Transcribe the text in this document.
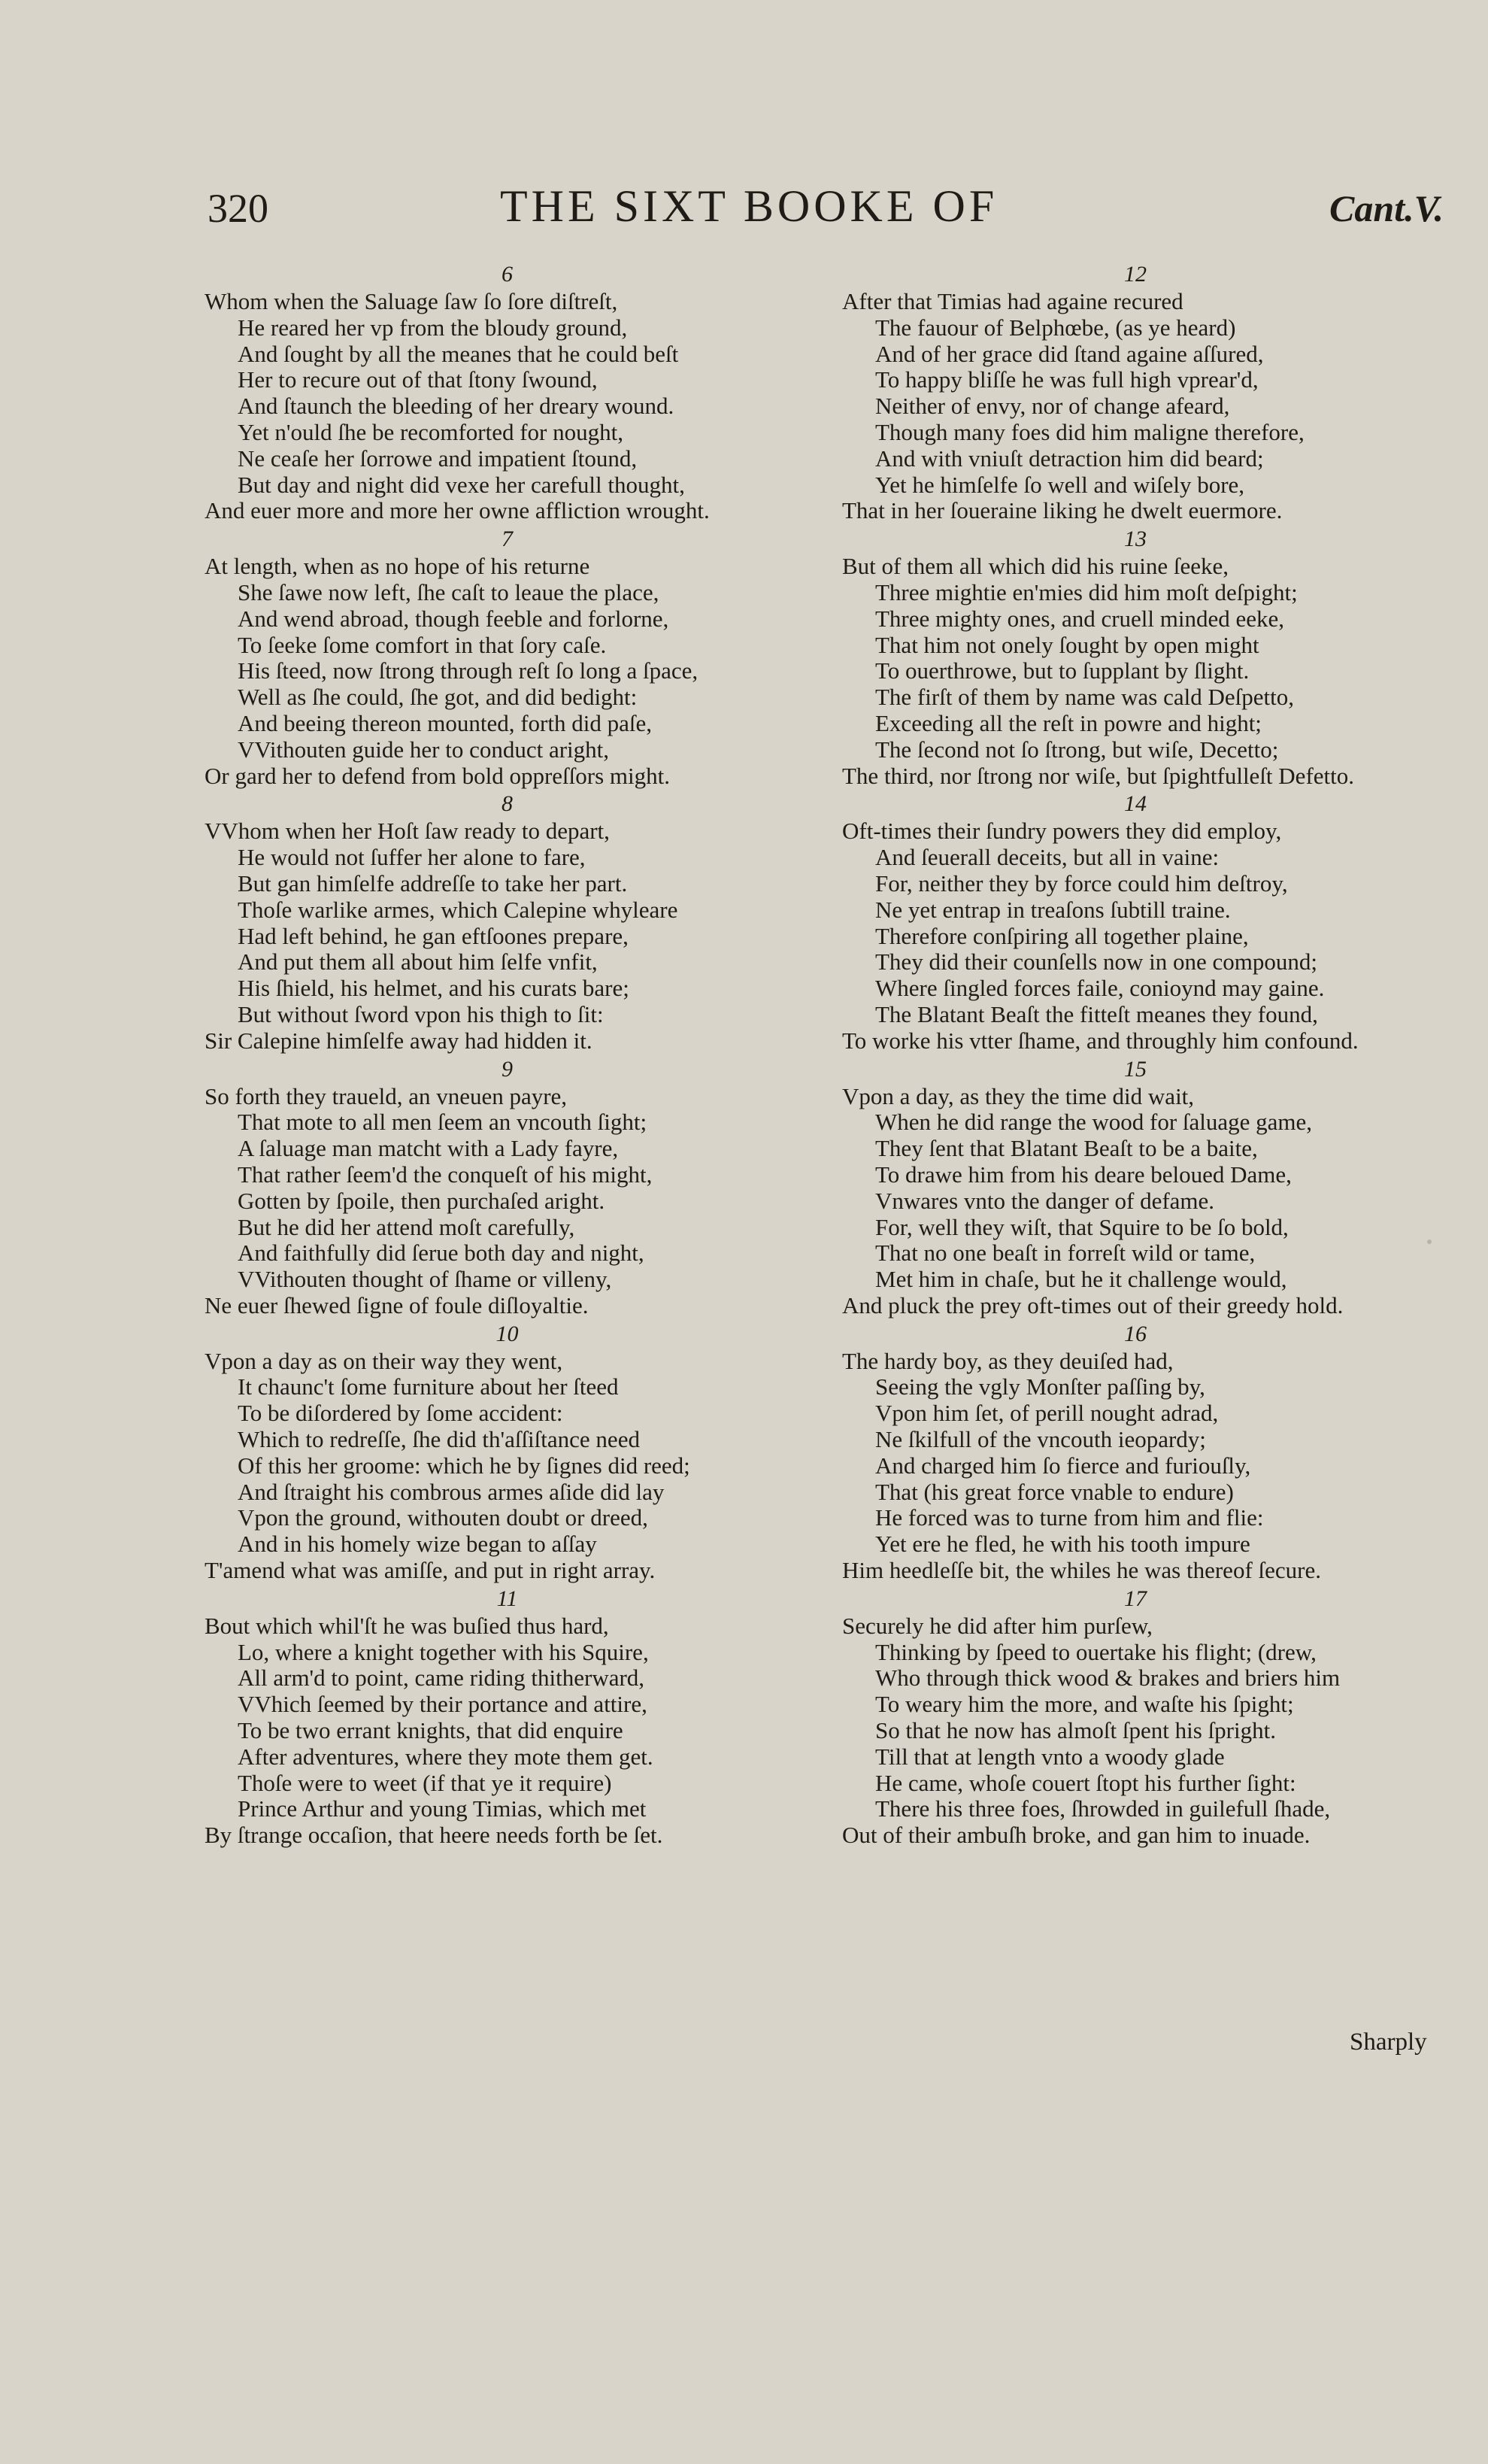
320	THE SIXT BOOKE OF	Cant.V.
6
Whom when the Saluage ſaw ſo ſore diſtreſt,
He reared her vp from the bloudy ground,
And ſought by all the meanes that he could beſt
Her to recure out of that ſtony ſwound,
And ſtaunch the bleeding of her dreary wound.
Yet n'ould ſhe be recomforted for nought,
Ne ceaſe her ſorrowe and impatient ſtound,
But day and night did vexe her carefull thought,
And euer more and more her owne affliction wrought.
7
At length, when as no hope of his returne
She ſawe now left, ſhe caſt to leaue the place,
And wend abroad, though feeble and forlorne,
To ſeeke ſome comfort in that ſory caſe.
His ſteed, now ſtrong through reſt ſo long a ſpace,
Well as ſhe could, ſhe got, and did bedight:
And beeing thereon mounted, forth did paſe,
VVithouten guide her to conduct aright,
Or gard her to defend from bold oppreſſors might.
8
VVhom when her Hoſt ſaw ready to depart,
He would not ſuffer her alone to fare,
But gan himſelfe addreſſe to take her part.
Thoſe warlike armes, which Calepine whyleare
Had left behind, he gan eftſoones prepare,
And put them all about him ſelfe vnfit,
His ſhield, his helmet, and his curats bare;
But without ſword vpon his thigh to ſit:
Sir Calepine himſelfe away had hidden it.
9
So forth they traueld, an vneuen payre,
That mote to all men ſeem an vncouth ſight;
A ſaluage man matcht with a Lady fayre,
That rather ſeem'd the conqueſt of his might,
Gotten by ſpoile, then purchaſed aright.
But he did her attend moſt carefully,
And faithfully did ſerue both day and night,
VVithouten thought of ſhame or villeny,
Ne euer ſhewed ſigne of foule diſloyaltie.
10
Vpon a day as on their way they went,
It chaunc't ſome furniture about her ſteed
To be diſordered by ſome accident:
Which to redreſſe, ſhe did th'aſſiſtance need
Of this her groome: which he by ſignes did reed;
And ſtraight his combrous armes aſide did lay
Vpon the ground, withouten doubt or dreed,
And in his homely wize began to aſſay
T'amend what was amiſſe, and put in right array.
11
Bout which whil'ſt he was buſied thus hard,
Lo, where a knight together with his Squire,
All arm'd to point, came riding thitherward,
VVhich ſeemed by their portance and attire,
To be two errant knights, that did enquire
After adventures, where they mote them get.
Thoſe were to weet (if that ye it require)
Prince Arthur and young Timias, which met
By ſtrange occaſion, that heere needs forth be ſet.
12
After that Timias had againe recured
The fauour of Belphœbe, (as ye heard)
And of her grace did ſtand againe aſſured,
To happy bliſſe he was full high vprear'd,
Neither of envy, nor of change afeard,
Though many foes did him maligne therefore,
And with vniuſt detraction him did beard;
Yet he himſelfe ſo well and wiſely bore,
That in her ſoueraine liking he dwelt euermore.
13
But of them all which did his ruine ſeeke,
Three mightie en'mies did him moſt deſpight;
Three mighty ones, and cruell minded eeke,
That him not onely ſought by open might
To ouerthrowe, but to ſupplant by ſlight.
The firſt of them by name was cald Deſpetto,
Exceeding all the reſt in powre and hight;
The ſecond not ſo ſtrong, but wiſe, Decetto;
The third, nor ſtrong nor wiſe, but ſpightfulleſt Defetto.
14
Oft-times their ſundry powers they did employ,
And ſeuerall deceits, but all in vaine:
For, neither they by force could him deſtroy,
Ne yet entrap in treaſons ſubtill traine.
Therefore conſpiring all together plaine,
They did their counſells now in one compound;
Where ſingled forces faile, conioynd may gaine.
The Blatant Beaſt the fitteſt meanes they found,
To worke his vtter ſhame, and throughly him confound.
15
Vpon a day, as they the time did wait,
When he did range the wood for ſaluage game,
They ſent that Blatant Beaſt to be a baite,
To drawe him from his deare beloued Dame,
Vnwares vnto the danger of defame.
For, well they wiſt, that Squire to be ſo bold,
That no one beaſt in forreſt wild or tame,
Met him in chaſe, but he it challenge would,
And pluck the prey oft-times out of their greedy hold.
16
The hardy boy, as they deuiſed had,
Seeing the vgly Monſter paſſing by,
Vpon him ſet, of perill nought adrad,
Ne ſkilfull of the vncouth ieopardy;
And charged him ſo fierce and furiouſly,
That (his great force vnable to endure)
He forced was to turne from him and flie:
Yet ere he fled, he with his tooth impure
Him heedleſſe bit, the whiles he was thereof ſecure.
17
Securely he did after him purſew,
Thinking by ſpeed to ouertake his flight; (drew,
Who through thick wood & brakes and briers him
To weary him the more, and waſte his ſpight;
So that he now has almoſt ſpent his ſpright.
Till that at length vnto a woody glade
He came, whoſe couert ſtopt his further ſight:
There his three foes, ſhrowded in guilefull ſhade,
Out of their ambuſh broke, and gan him to inuade.
Sharply
